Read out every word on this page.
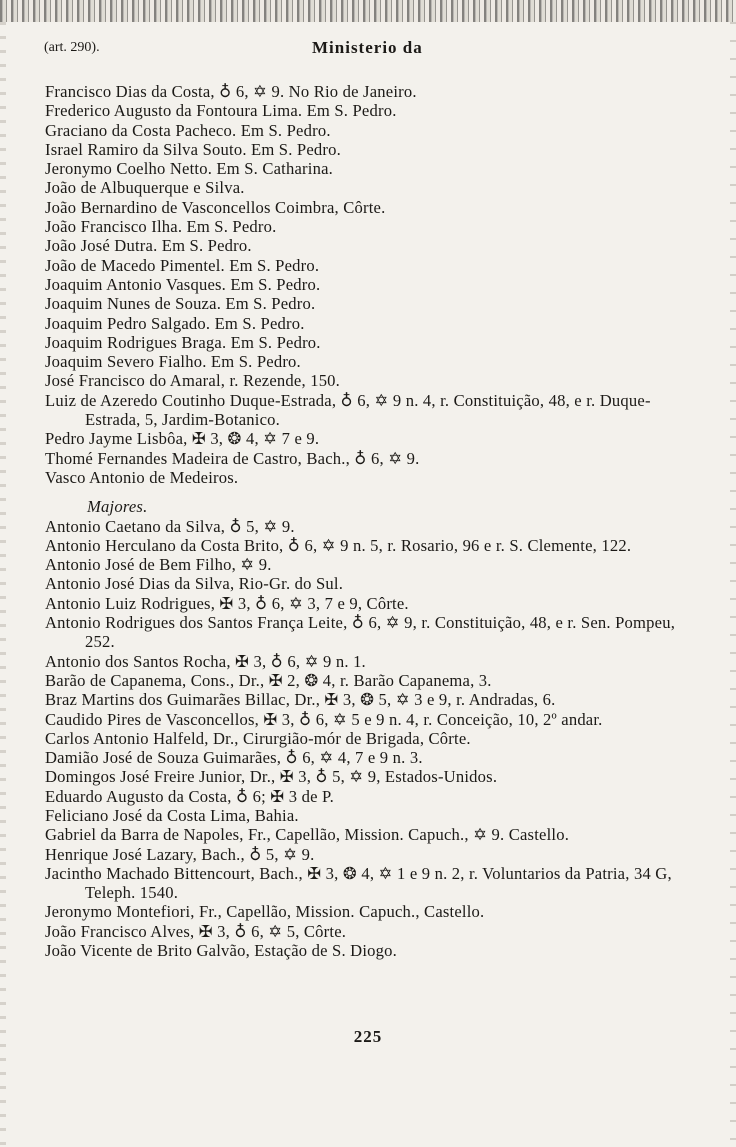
(art. 290).	Ministerio da
Francisco Dias da Costa, ♁ 6, ✡ 9. No Rio de Janeiro.
Frederico Augusto da Fontoura Lima. Em S. Pedro.
Graciano da Costa Pacheco. Em S. Pedro.
Israel Ramiro da Silva Souto. Em S. Pedro.
Jeronymo Coelho Netto. Em S. Catharina.
João de Albuquerque e Silva.
João Bernardino de Vasconcellos Coimbra, Côrte.
João Francisco Ilha. Em S. Pedro.
João José Dutra. Em S. Pedro.
João de Macedo Pimentel. Em S. Pedro.
Joaquim Antonio Vasques. Em S. Pedro.
Joaquim Nunes de Souza. Em S. Pedro.
Joaquim Pedro Salgado. Em S. Pedro.
Joaquim Rodrigues Braga. Em S. Pedro.
Joaquim Severo Fialho. Em S. Pedro.
José Francisco do Amaral, r. Rezende, 150.
Luiz de Azeredo Coutinho Duque-Estrada, ♁ 6, ✡ 9 n. 4, r. Constituição, 48, e r. Duque-Estrada, 5, Jardim-Botanico.
Pedro Jayme Lisbôa, ✠ 3, ❂ 4, ✡ 7 e 9.
Thomé Fernandes Madeira de Castro, Bach., ♁ 6, ✡ 9.
Vasco Antonio de Medeiros.
Majores.
Antonio Caetano da Silva, ♁ 5, ✡ 9.
Antonio Herculano da Costa Brito, ♁ 6, ✡ 9 n. 5, r. Rosario, 96 e r. S. Clemente, 122.
Antonio José de Bem Filho, ✡ 9.
Antonio José Dias da Silva, Rio-Gr. do Sul.
Antonio Luiz Rodrigues, ✠ 3, ♁ 6, ✡ 3, 7 e 9, Côrte.
Antonio Rodrigues dos Santos França Leite, ♁ 6, ✡ 9, r. Constituição, 48, e r. Sen. Pompeu, 252.
Antonio dos Santos Rocha, ✠ 3, ♁ 6, ✡ 9 n. 1.
Barão de Capanema, Cons., Dr., ✠ 2, ❂ 4, r. Barão Capanema, 3.
Braz Martins dos Guimarães Billac, Dr., ✠ 3, ❂ 5, ✡ 3 e 9, r. Andradas, 6.
Caudido Pires de Vasconcellos, ✠ 3, ♁ 6, ✡ 5 e 9 n. 4, r. Conceição, 10, 2º andar.
Carlos Antonio Halfeld, Dr., Cirurgião-mór de Brigada, Côrte.
Damião José de Souza Guimarães, ♁ 6, ✡ 4, 7 e 9 n. 3.
Domingos José Freire Junior, Dr., ✠ 3, ♁ 5, ✡ 9, Estados-Unidos.
Eduardo Augusto da Costa, ♁ 6; ✠ 3 de P.
Feliciano José da Costa Lima, Bahia.
Gabriel da Barra de Napoles, Fr., Capellão, Mission. Capuch., ✡ 9. Castello.
Henrique José Lazary, Bach., ♁ 5, ✡ 9.
Jacintho Machado Bittencourt, Bach., ✠ 3, ❂ 4, ✡ 1 e 9 n. 2, r. Voluntarios da Patria, 34 G, Teleph. 1540.
Jeronymo Montefiori, Fr., Capellão, Mission. Capuch., Castello.
João Francisco Alves, ✠ 3, ♁ 6, ✡ 5, Côrte.
João Vicente de Brito Galvão, Estação de S. Diogo.
225
